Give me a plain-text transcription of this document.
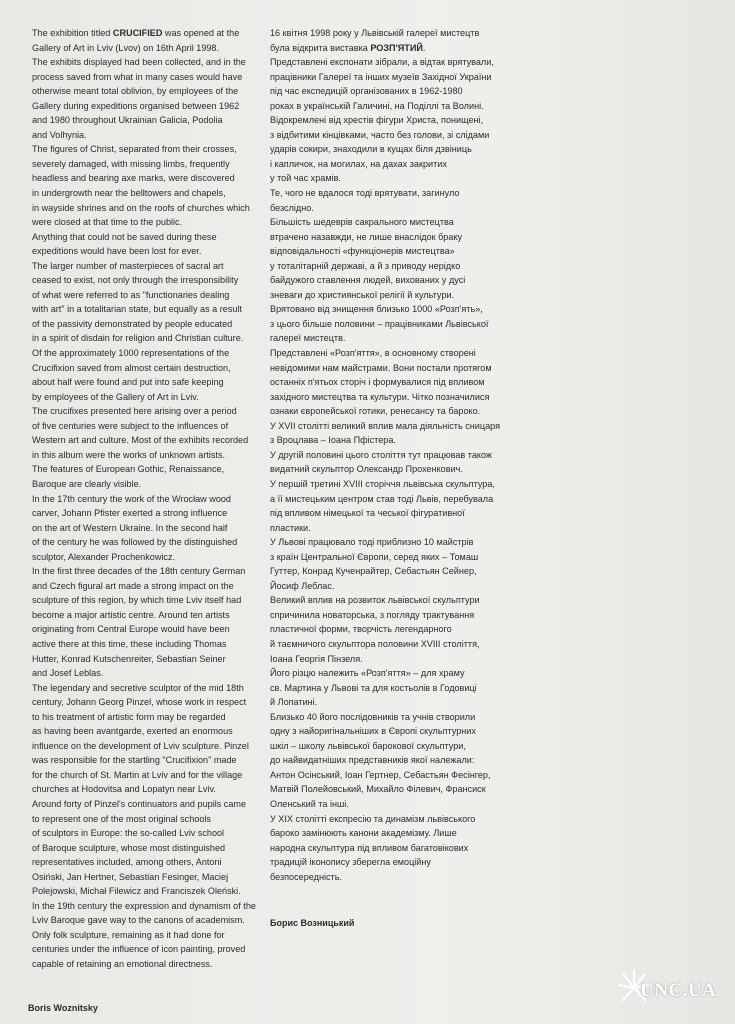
The exhibition titled CRUCIFIED was opened at the

Gallery of Art in Lviv (Lvov) on 16th April 1998.

The exhibits displayed had been collected, and in the

process saved from what in many cases would have

otherwise meant total oblivion, by employees of the

Gallery during expeditions organised between 1962

and 1980 throughout Ukrainian Galicia, Podolia

and Volhynia.

The figures of Christ, separated from their crosses,

severely damaged, with missing limbs, frequently

headless and bearing axe marks, were discovered

in undergrowth near the belltowers and chapels,

in wayside shrines and on the roofs of churches which

were closed at that time to the public.

Anything that could not be saved during these

expeditions would have been lost for ever.

The larger number of masterpieces of sacral art

ceased to exist, not only through the irresponsibility

of what were referred to as "functionaries dealing

with art" in a totalitarian state, but equally as a result

of the passivity demonstrated by people educated

in a spirit of disdain for religion and Christian culture.

Of the approximately 1000 representations of the

Crucifixion saved from almost certain destruction,

about half were found and put into safe keeping

by employees of the Gallery of Art in Lviv.

The crucifixes presented here arising over a period

of five centuries were subject to the influences of

Western art and culture. Most of the exhibits recorded

in this album were the works of unknown artists.

The features of European Gothic, Renaissance,

Baroque are clearly visible.

In the 17th century the work of the Wrocław wood

carver, Johann Pfister exerted a strong influence

on the art of Western Ukraine. In the second half

of the century he was followed by the distinguished

sculptor, Alexander Prochenkowicz.

In the first three decades of the 18th century German

and Czech figural art made a strong impact on the

sculpture of this region, by which time Lviv itself had

become a major artistic centre. Around ten artists

originating from Central Europe would have been

active there at this time, these including Thomas

Hutter, Konrad Kutschenreiter, Sebastian Seiner

and Josef Leblas.

The legendary and secretive sculptor of the mid 18th

century, Johann Georg Pinzel, whose work in respect

to his treatment of artistic form may be regarded

as having been avantgarde, exerted an enormous

influence on the development of Lviv sculpture. Pinzel

was responsible for the startling "Crucifixion" made

for the church of St. Martin at Lviv and for the village

churches at Hodovitsa and Lopatyn near Lviv.

Around forty of Pinzel's continuators and pupils came

to represent one of the most original schools

of sculptors in Europe: the so-called Lviv school

of Baroque sculpture, whose most distinguished

representatives included, among others, Antoni

Osiński, Jan Hertner, Sebastian Fesinger, Maciej

Polejowski, Michał Filewicz and Franciszek Oleński.

In the 19th century the expression and dynamism of the

Lviv Baroque gave way to the canons of academism.

Only folk sculpture, remaining as it had done for

centuries under the influence of icon painting, proved

capable of retaining an emotional directness.

16 квітня 1998 року у Львівській галереї мистецтв

була відкрита виставка РОЗП'ЯТИЙ.

Представлені експонати зібрали, а відтак врятували,

працівники Галереї та інших музеїв Західної України

під час експедицій організованих в 1962-1980

роках в українській Галичині, на Поділлі та Волині.

Відокремлені від хрестів фігури Христа, понищені,

з відбитими кінцівками, часто без голови, зі слідами

ударів сокири, знаходили в кущах біля дзвіниць

і капличок, на могилах, на дахах закритих

у той час храмів.

Те, чого не вдалося тоді врятувати, загинуло

безслідно.

Більшість шедеврів сакрального мистецтва

втрачено назавжди, не лише внаслідок браку

відповідальності «функціонерів мистецтва»

у тоталітарній державі, а й з приводу нерідко

байдужого ставлення людей, вихованих у дусі

зневаги до християнської релігії й культури.

Врятовано від знищення близько 1000 «Розп'ять»,

з цього більше половини – працівниками Львівської

галереї мистецтв.

Представлені «Розп'яття», в основному створені

невідомими нам майстрами. Вони постали протягом

останніх п'ятьох сторіч і формувалися під впливом

західного мистецтва та культури. Чітко позначилися

ознаки європейської готики, ренесансу та бароко.

У XVII столітті великий вплив мала діяльність сницаря

з Вроцлава – Іоана Пфістера.

У другій половині цього століття тут працював також

видатний скульптор Олександр Прохенкович.

У першій третині XVIII сторіччя львівська скульптура,

а її мистецьким центром став тоді Львів, перебувала

під впливом німецької та чеської фігуративної

пластики.

У Львові працювало тоді приблизно 10 майстрів

з країн Центральної Європи, серед яких – Томаш

Гуттер, Конрад Кученрайтер, Себастьян Сейнер,

Йосиф Леблас.

Великий вплив на розвиток львівської скульптури

спричинила новаторська, з погляду трактування

пластичної форми, творчість легендарного

й таємничого скульптора половини XVIII століття,

Іоана Георгія Пінзеля.

Його різцю належить «Розп'яття» – для храму

св. Мартина у Львові та для костьолів в Годовиці

й Лопатині.

Близько 40 його послідовників та учнів створили

одну з найоригінальніших в Європі скульптурних

шкіл – школу львівської барокової скульптури,

до найвидатніших представників якої належали:

Антон Осінський, Іоан Гертнер, Себастьян Фесінгер,

Матвій Полейовський, Михайло Філевич, Франсиск

Оленський та інші.

У XIX столітті експресію та динамізм львівського

бароко замінюють канони академізму. Лише

народна скульптура під впливом багатовікових

традицій іконопису зберегла емоційну

безпосередність.

Борис Возницький
Boris Woznitsky
UNC.UA
